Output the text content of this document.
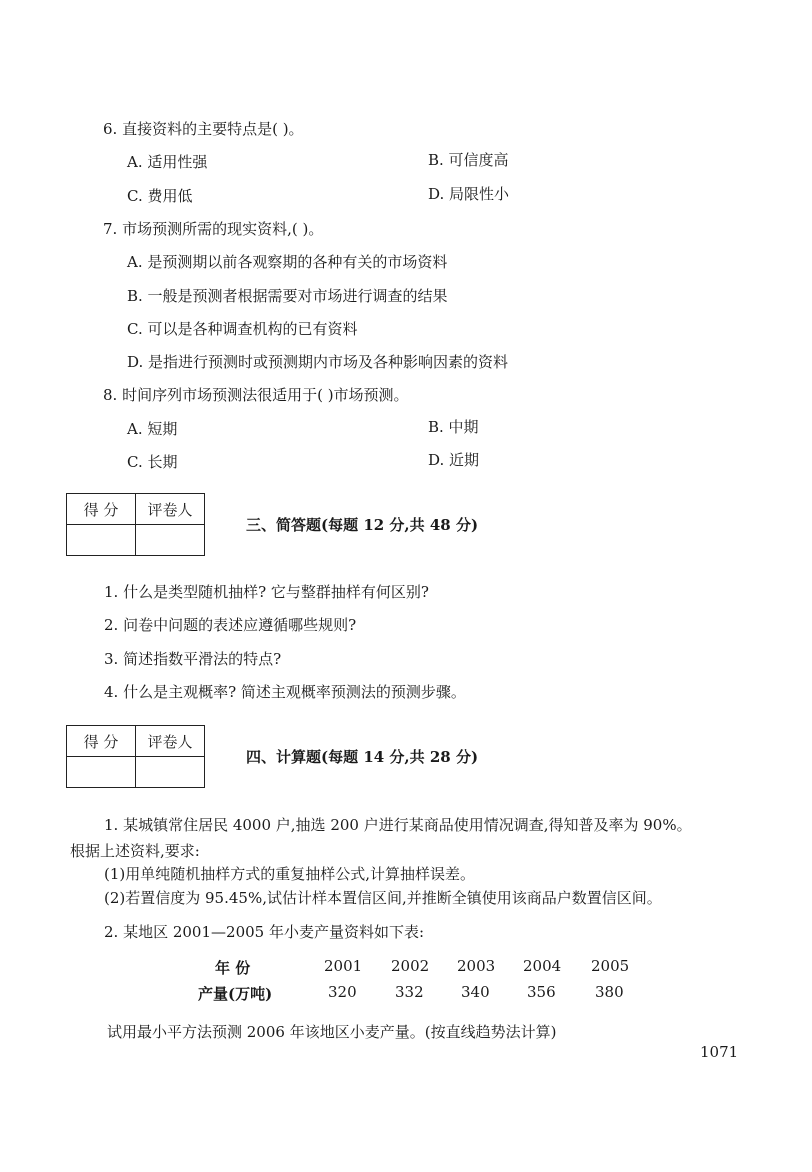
6. 直接资料的主要特点是( )。
A. 适用性强	B. 可信度高
C. 费用低	D. 局限性小
7. 市场预测所需的现实资料,( )。
A. 是预测期以前各观察期的各种有关的市场资料
B. 一般是预测者根据需要对市场进行调查的结果
C. 可以是各种调查机构的已有资料
D. 是指进行预测时或预测期内市场及各种影响因素的资料
8. 时间序列市场预测法很适用于( )市场预测。
A. 短期	B. 中期
C. 长期	D. 近期
得 分	评卷人

三、简答题(每题 12 分,共 48 分)
1. 什么是类型随机抽样? 它与整群抽样有何区别?
2. 问卷中问题的表述应遵循哪些规则?
3. 简述指数平滑法的特点?
4. 什么是主观概率? 简述主观概率预测法的预测步骤。
得 分	评卷人

四、计算题(每题 14 分,共 28 分)
1. 某城镇常住居民 4000 户,抽选 200 户进行某商品使用情况调查,得知普及率为 90%。
根据上述资料,要求:
(1)用单纯随机抽样方式的重复抽样公式,计算抽样误差。
(2)若置信度为 95.45%,试估计样本置信区间,并推断全镇使用该商品户数置信区间。
2. 某地区 2001—2005 年小麦产量资料如下表:
年 份	2001 2002 2003 2004 2005
产量(万吨)	320	332 340 356	380
试用最小平方法预测 2006 年该地区小麦产量。(按直线趋势法计算)
1071
